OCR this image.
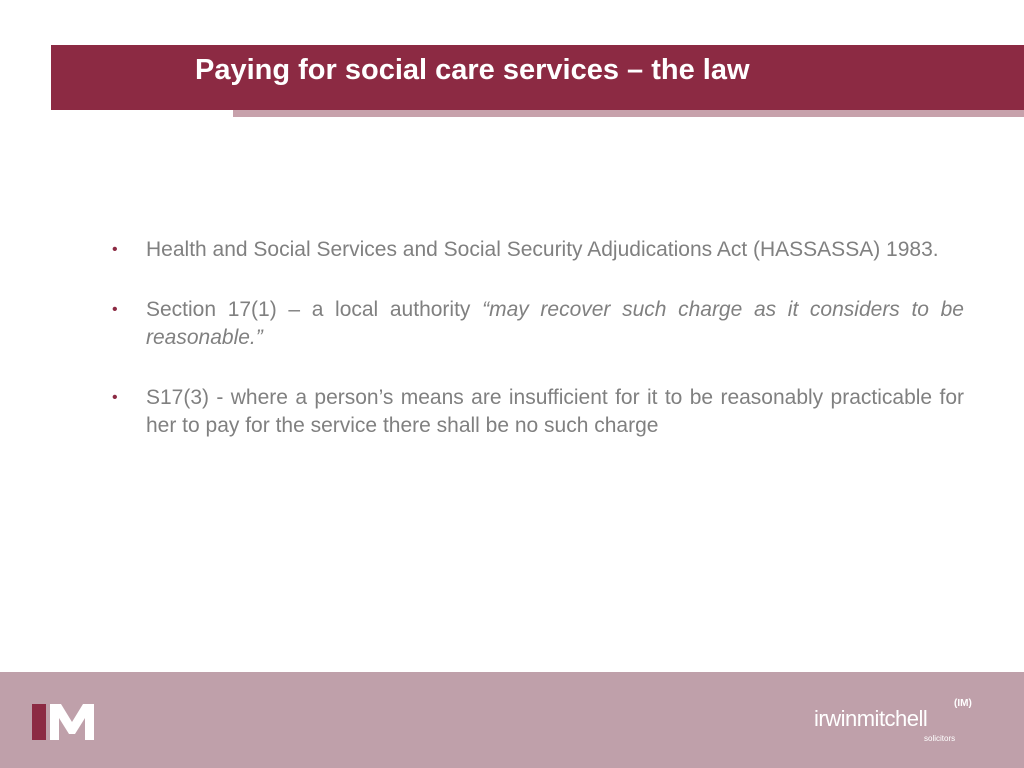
Paying for social care services – the law
• Health and Social Services and Social Security Adjudications Act (HASSASSA) 1983.
• Section 17(1) – a local authority “may recover such charge as it considers to be reasonable.”
• S17(3) - where a person’s means are insufficient for it to be reasonably practicable for her to pay for the service there shall be no such charge
irwinmitchell
(IM)
solicitors
